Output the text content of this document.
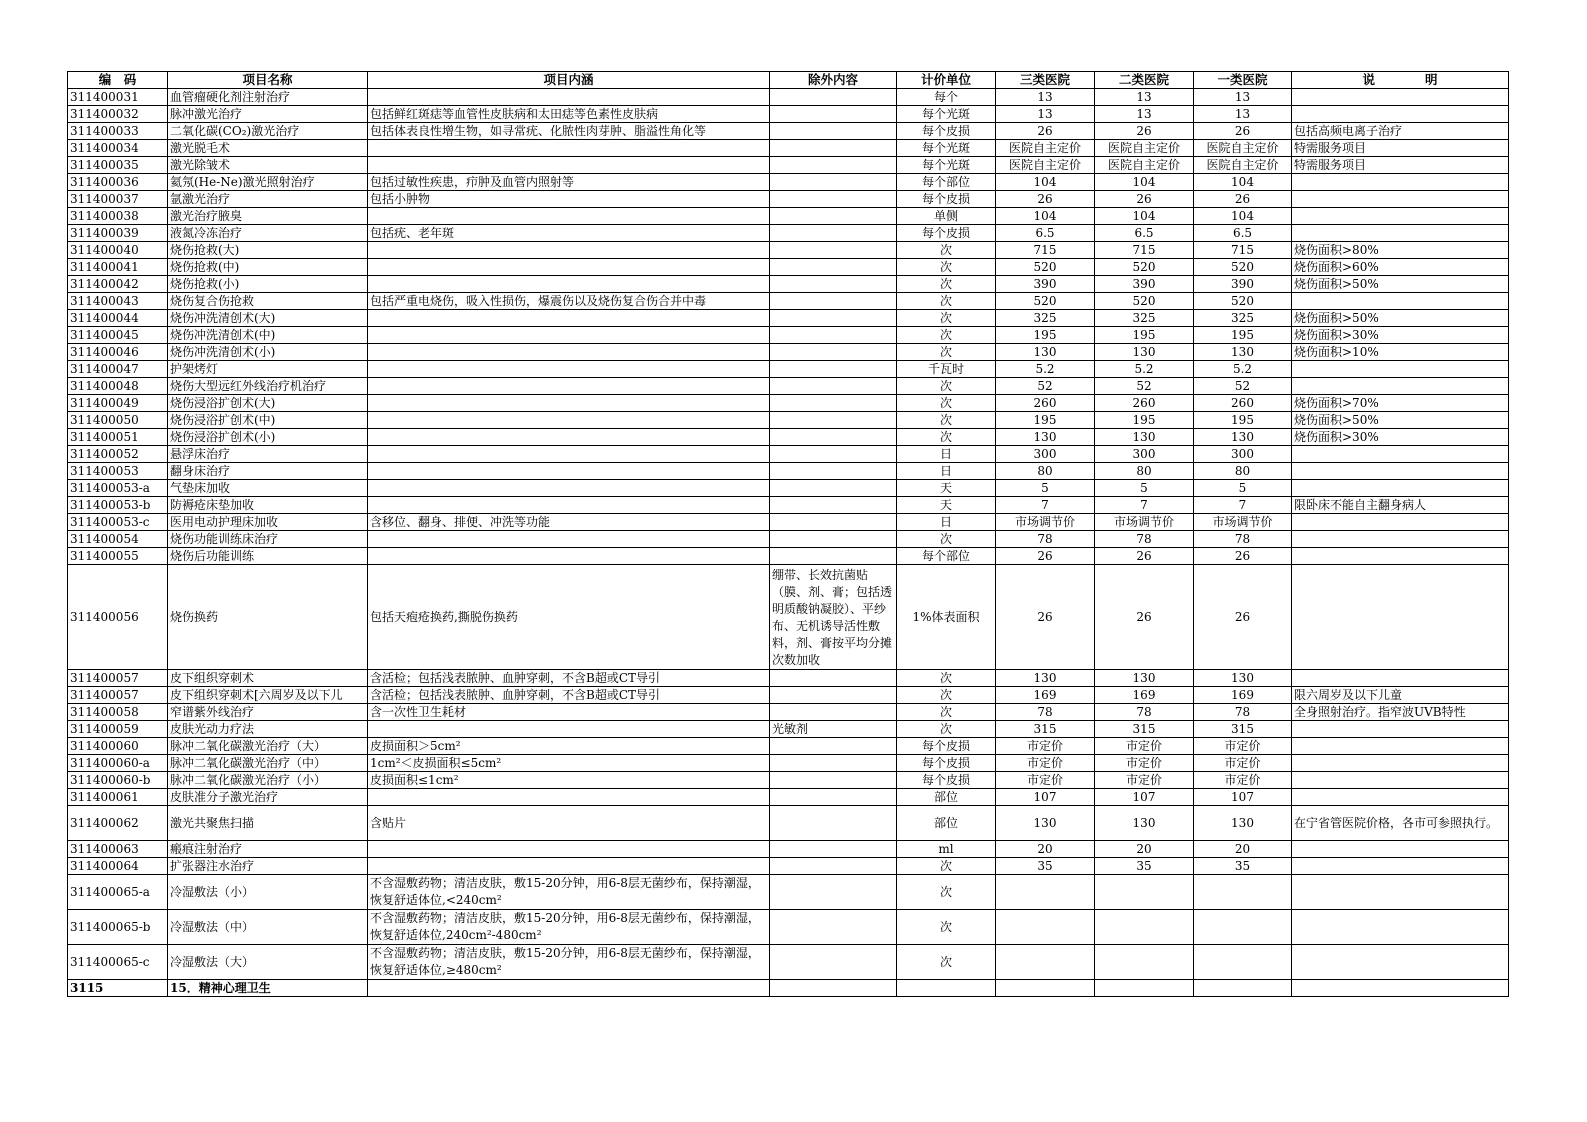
编　码	项目名称	项目内涵	除外内容	计价单位	三类医院	二类医院	一类医院	说　　　　明
311400031	血管瘤硬化剂注射治疗			每个	13	13	13	
311400032	脉冲激光治疗	包括鲜红斑痣等血管性皮肤病和太田痣等色素性皮肤病		每个光斑	13	13	13	
311400033	二氧化碳(CO₂)激光治疗	包括体表良性增生物，如寻常疣、化脓性肉芽肿、脂溢性角化等		每个皮损	26	26	26	包括高频电离子治疗
311400034	激光脱毛术			每个光斑	医院自主定价	医院自主定价	医院自主定价	特需服务项目
311400035	激光除皱术			每个光斑	医院自主定价	医院自主定价	医院自主定价	特需服务项目
311400036	氦氖(He-Ne)激光照射治疗	包括过敏性疾患，疖肿及血管内照射等		每个部位	104	104	104	
311400037	氩激光治疗	包括小肿物		每个皮损	26	26	26	
311400038	激光治疗腋臭			单侧	104	104	104	
311400039	液氮冷冻治疗	包括疣、老年斑		每个皮损	6.5	6.5	6.5	
311400040	烧伤抢救(大)			次	715	715	715	烧伤面积>80%
311400041	烧伤抢救(中)			次	520	520	520	烧伤面积>60%
311400042	烧伤抢救(小)			次	390	390	390	烧伤面积>50%
311400043	烧伤复合伤抢救	包括严重电烧伤，吸入性损伤，爆震伤以及烧伤复合伤合并中毒		次	520	520	520	
311400044	烧伤冲洗清创术(大)			次	325	325	325	烧伤面积>50%
311400045	烧伤冲洗清创术(中)			次	195	195	195	烧伤面积>30%
311400046	烧伤冲洗清创术(小)			次	130	130	130	烧伤面积>10%
311400047	护架烤灯			千瓦时	5.2	5.2	5.2	
311400048	烧伤大型远红外线治疗机治疗			次	52	52	52	
311400049	烧伤浸浴扩创术(大)			次	260	260	260	烧伤面积>70%
311400050	烧伤浸浴扩创术(中)			次	195	195	195	烧伤面积>50%
311400051	烧伤浸浴扩创术(小)			次	130	130	130	烧伤面积>30%
311400052	悬浮床治疗			日	300	300	300	
311400053	翻身床治疗			日	80	80	80	
311400053-a	气垫床加收			天	5	5	5	
311400053-b	防褥疮床垫加收			天	7	7	7	限卧床不能自主翻身病人
311400053-c	医用电动护理床加收	含移位、翻身、排便、冲洗等功能		日	市场调节价	市场调节价	市场调节价	
311400054	烧伤功能训练床治疗			次	78	78	78	
311400055	烧伤后功能训练			每个部位	26	26	26	
311400056	烧伤换药	包括天疱疮换药,撕脱伤换药	绷带、长效抗菌贴（膜、剂、膏；包括透明质酸钠凝胶）、平纱布、无机诱导活性敷料，剂、膏按平均分摊次数加收	1%体表面积	26	26	26	
311400057	皮下组织穿刺术	含活检；包括浅表脓肿、血肿穿刺，不含B超或CT导引		次	130	130	130	
311400057	皮下组织穿刺术[六周岁及以下儿	含活检；包括浅表脓肿、血肿穿刺，不含B超或CT导引		次	169	169	169	限六周岁及以下儿童
311400058	窄谱紫外线治疗	含一次性卫生耗材		次	78	78	78	全身照射治疗。指窄波UVB特性
311400059	皮肤光动力疗法		光敏剂	次	315	315	315	
311400060	脉冲二氧化碳激光治疗（大）	皮损面积＞5cm²		每个皮损	市定价	市定价	市定价	
311400060-a	脉冲二氧化碳激光治疗（中）	1cm²＜皮损面积≤5cm²		每个皮损	市定价	市定价	市定价	
311400060-b	脉冲二氧化碳激光治疗（小）	皮损面积≤1cm²		每个皮损	市定价	市定价	市定价	
311400061	皮肤准分子激光治疗			部位	107	107	107	
311400062	激光共聚焦扫描	含贴片		部位	130	130	130	在宁省管医院价格，各市可参照执行。
311400063	瘢痕注射治疗			ml	20	20	20	
311400064	扩张器注水治疗			次	35	35	35	
311400065-a	冷湿敷法（小）	不含湿敷药物；清洁皮肤，敷15-20分钟，用6-8层无菌纱布，保持潮湿，恢复舒适体位,<240cm²		次				
311400065-b	冷湿敷法（中）	不含湿敷药物；清洁皮肤，敷15-20分钟，用6-8层无菌纱布，保持潮湿，恢复舒适体位,240cm²-480cm²		次				
311400065-c	冷湿敷法（大）	不含湿敷药物；清洁皮肤，敷15-20分钟，用6-8层无菌纱布，保持潮湿，恢复舒适体位,≥480cm²		次				
3115	15．精神心理卫生							
